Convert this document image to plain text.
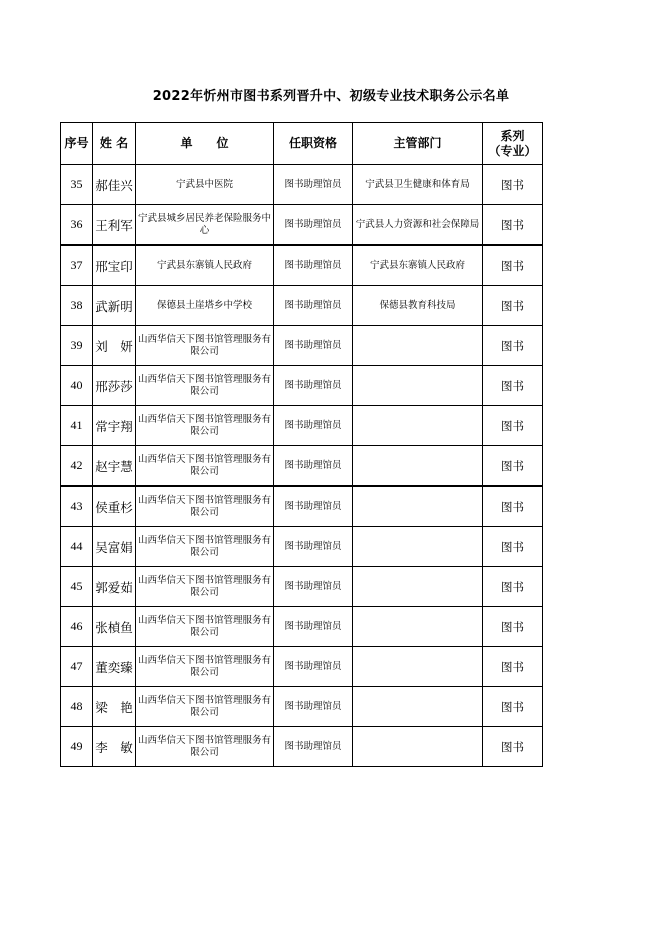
2022年忻州市图书系列晋升中、初级专业技术职务公示名单
序号	姓 名	单　　位	任职资格	主管部门	系列
（专业）

35	郝佳兴	宁武县中医院	图书助理馆员	宁武县卫生健康和体育局	图书
36	王利军	宁武县城乡居民养老保险服务中心	图书助理馆员	宁武县人力资源和社会保障局	图书
37	邢宝印	宁武县东寨镇人民政府	图书助理馆员	宁武县东寨镇人民政府	图书
38	武新明	保德县土崖塔乡中学校	图书助理馆员	保德县教育科技局	图书
39	刘　妍	山西华信天下图书馆管理服务有限公司	图书助理馆员		图书
40	邢莎莎	山西华信天下图书馆管理服务有限公司	图书助理馆员		图书
41	常宇翔	山西华信天下图书馆管理服务有限公司	图书助理馆员		图书
42	赵宇慧	山西华信天下图书馆管理服务有限公司	图书助理馆员		图书
43	侯重杉	山西华信天下图书馆管理服务有限公司	图书助理馆员		图书
44	吴富娟	山西华信天下图书馆管理服务有限公司	图书助理馆员		图书
45	郭爱茹	山西华信天下图书馆管理服务有限公司	图书助理馆员		图书
46	张楨鱼	山西华信天下图书馆管理服务有限公司	图书助理馆员		图书
47	董奕臻	山西华信天下图书馆管理服务有限公司	图书助理馆员		图书
48	梁　艳	山西华信天下图书馆管理服务有限公司	图书助理馆员		图书
49	李　敏	山西华信天下图书馆管理服务有限公司	图书助理馆员		图书
